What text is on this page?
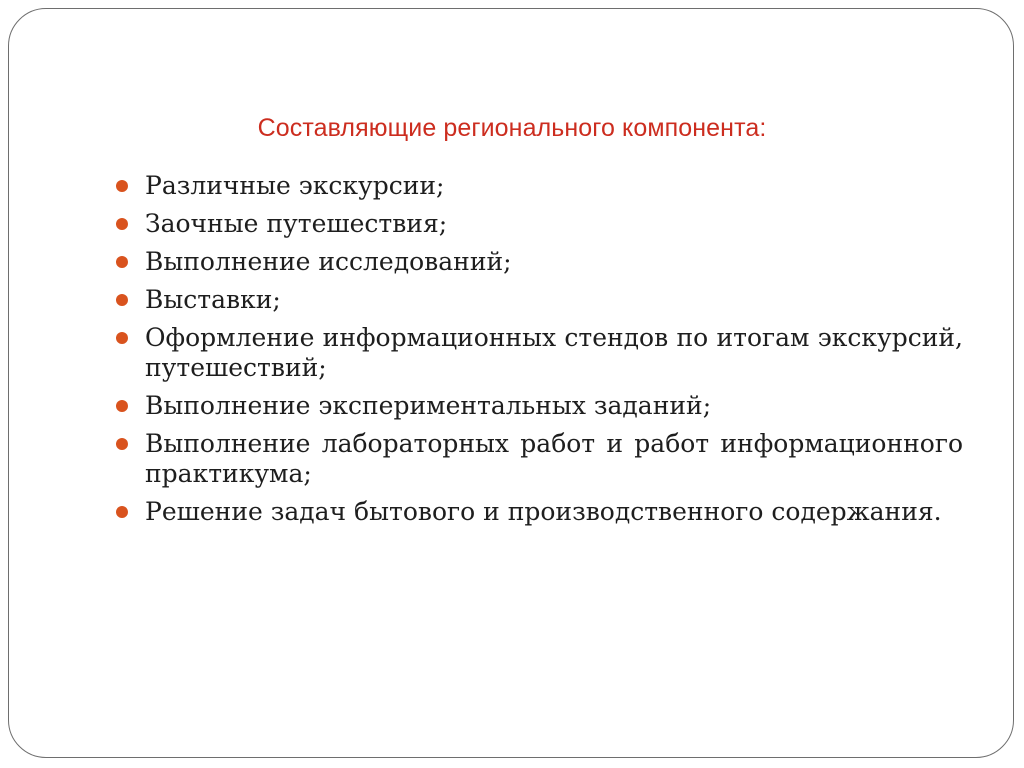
Составляющие регионального компонента:
Различные экскурсии;
Заочные путешествия;
Выполнение исследований;
Выставки;
Оформление информационных стендов по итогам экскурсий, путешествий;
Выполнение экспериментальных заданий;
Выполнение лабораторных работ и работ информационного практикума;
Решение задач бытового и производственного содержания.
